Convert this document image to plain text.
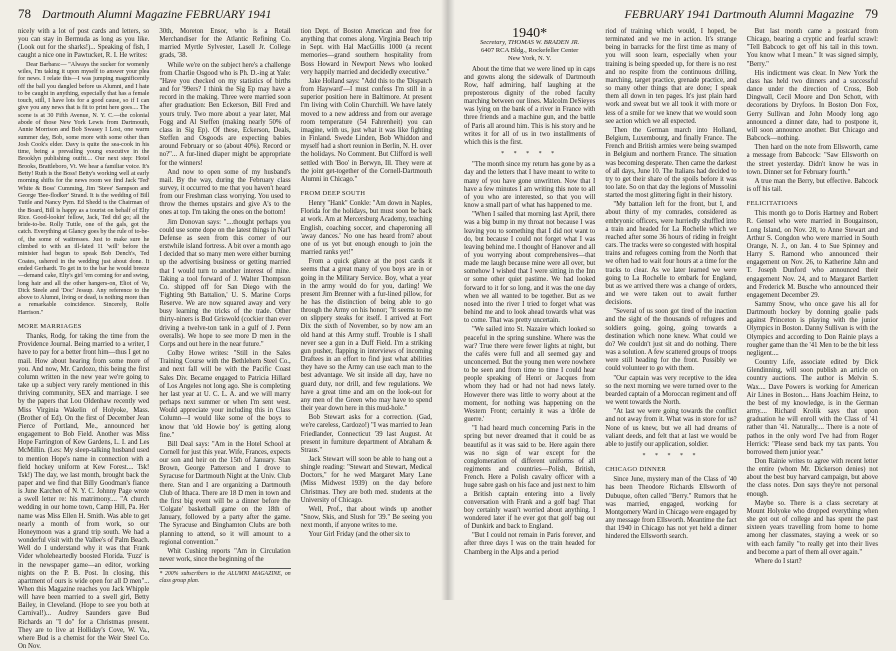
78 Dartmouth Alumni Magazine FEBRUARY 1941

nicely with a lot of post cards and letters, so you can stay in Bermuda as long as you like. (Look out for the sharks!)... Speaking of fish, I caught a nice one in Pawtucket, R. I. He writes:

Dear Barbara:— "Always the sucker for womenly wiles, I'm taking it upon myself to answer your plea for news. I relate this—I was jumping magnificently off the ball you dangled before us Alumni, and I hate to be caught in anything, especially that has a female touch, still, I have lots for a good cause, so if I can give you any news that is fit to print here goes.... The scene is at 30 Fifth Avenue, N. Y. C.—the colonial abode of those New York Lewis from Dartmouth, Annie Morrison and Bob Swasey I Lost, one warm summer day, Bob, some more with some other than Josh Cook's elder. Davy is quite the sea-cook in his time, being a prevailing young executive in the Brooklyn publishing outfit.... Our next step: Hotel Brooks, Brattleboro, Vt. We hear a familiar voice. It's Betty! Ruth is the Boss! Betty's working well at early morning shifts for the news room we find Jack 'Ted' White & Boss' Cumming, Jim 'Steve' Sampson and George 'Bee-flodker' Strand. It is the wedding of Bill Tuttle and Nancy Pym. Ed Shedd is the Chairman of the Board, Bill is happy as a tourist on behalf of Elty Rice. Good-lookin' fellow, Jack, Ted did go; all the bride-to-be. Rolly Tuttle, one of the gals, got the catch. Everything at Glancy goes by the rule of to-be-of, the some of waitresses. Just to make sure he climbed to with an ill-fated 11 'will' before the minister had begun to speak Bob Dench's, Ted Coates, ushered in the wedding just about done. It ended Gerhardt. To get in to the bar he would breeze—demand cake, Elty's girl 'em coming for and swing, long hair and all the other hangers-on, Eliot of Ve, Dick Steele and 'Doc' Jessup. Any reference to the above to Alumni, living or dead, is nothing more than a remarkable coincidence. Sincerely, Rolfe Harrison."

MORE MARRIAGES

Thanks, Rodg, for taking the time from the Providence Journal. Being married to a writer, I have to pay for a better front him—thus I get no mail. How about hearing from some more of you. And now, Mr. Cardozo, this being the first column written in the new year we're going to take up a subject very rarely mentioned in this thriving community, SEX and marriage. I see by the papers that Lou Oldenhaw recently wed Miss Virginia Wakelin of Holyoke, Mass. (Brother of Ed). On the first of December Jean Pierce of Portland, Me., announced her engagement to Bob Field. Another was Miss Hope Farrington of Kew Gardens, L. I. and Les McMillin. (Les: My sleep-talking husband used to mention Hope's name in connection with a field hockey uniform at Kew Forest.... Tsk! Tsk!) The day, we last month, brought back the paper and we find that Billy Goodman's fiance is June Karchen of N. Y. C. Johnny Page wrote a swell letter re: his matrimony.... "A church wedding in our home town, Camp Hill, Pa. Her name was Miss Ellen H. Smith. Was able to get nearly a month of from work, so our Honeymoon was a grand trip south. We had a wonderful visit with the Vallee's of Palm Beach. Well do I understand why it was that Frank Vider wholeheartedly boosted Florida. 'Fuzz' is in the newspaper game—an editor, working nights on the P. B. Post. In closing, this apartment of ours is wide open for all D men"... When this Magazine reaches you Jack Whipple will have been married to a swell girl, Betty Bailey, in Cleveland. (Hope to see you both at Carnival!)... Audrey Saunders gave Bud Richards an "I do" for a Christmas present. They are to live at Holliday's Cove, W. Va., where Bud is a chemist for the Weir Steel Co. On Nov.

30th, Moreton Ensor, who is a Retail Merchandiser for the Atlantic Refining Co. married Myrtle Sylvester, Lasell Jr. College grads, '38.

While we're on the subject here's a challenge from Charlie Osgood who is Ph. D.-ing at Yale: "Have you checked on my statistics of births and for '99ers? I think the Sig Ep may have a record in the making. Three were married soon after graduation: Ben Eckerson, Bill Fred and yours truly. Two more about a year later, Mal Fogg and Al Steffen (making nearly 50% of class in Sig Ep). Of these, Eckerson, Deals, Steffen and Osgoods are expecting babies around February or so (about 40%). Record or no?"... A fur-lined diaper might be appropriate for the winners!

And now to open some of my husband's mail. By the way, during the February class survey, it occurred to me that you haven't heard from our Freshman class worrying. You used to throw the themes upstairs and give A's to the ones at top. I'm taking the ones on the bottom!

Jim Donovan says: "....thought perhaps you could use some dope on the latest things in Nat'l Defense as seen from this corner of our erstwhile island fortress. A bit over a month ago I decided that so many men were either burning up the advertising business or getting married that I would turn to another interest of mine. Taking a tool forward of J. Walter Thompson Co. shipped off for San Diego with the 'Fighting 9th Battalion,' U. S. Marine Corps Reserve. We are now squared away and very busy learning the tricks of the trade. Other thirty-niners is Bud Griswold (cockier than ever driving a twelve-ton tank in a gulf of J. Penn overalls). We hope to see more D men in the Corps and out here in the near future."

Colby Howe writes: "Still in the Sales Training Course with the Bethlehem Steel Co., and next fall will be with the Pacific Coast Sales Div. Became engaged to Patricia Hillard of Los Angeles not long ago. She is completing her last year at U. C. L. A. and we will marry perhaps next summer or when I'm sent west. Would appreciate your including this in Class Column—I would like some of the boys to know that 'old Howie boy' is getting along fine."

Bill Deal says: "Am in the Hotel School at Cornell for just this year. Wife, Frances, expects our son and heir on the 15th of January. Stan Brown, George Patterson and I drove to Syracuse for Dartmouth Night at the Univ. Club there. Stan and I are organizing a Dartmouth Club of Ithaca. There are 18 D men in town and the first big event will be a dinner before the 'Colgate' basketball game on the 18th of January, followed by a party after the game. The Syracuse and Binghamton Clubs are both planning to attend, so it will amount to a regional convention."

Whit Cushing reports "Am in Circulation never work, since the beginning of the

* 200% subscribers to the ALUMNI MAGAZINE, on class group plan.

tion Dept. of Boston American and free for anything that comes along. Virginia Beach trip in Sept. with Hal MacGillis 1000 (a recent memories—grand southern hospitality from Boss Howard in Newport News who looked very happily married and decidedly executive."

Jake Holland says: "Add this to the 'Dispatch from Hayward'—I must confess I'm still in a superior position here in Baltimore. At present I'm living with Colin Churchill. We have lately moved to a new address and from our average room temperature (54 Fahrenheit) you can imagine, with us, just what it was like fighting in Finland. Swede Linden, Bob Whiddon and myself had a short reunion in Berlin, N. H. over the holidays. No Comment. But Clifford is well settled with 'Boo' in Berwyn, Ill. They were at the joint get-together of the Cornell-Dartmouth Alumni in Chicago."

FROM DEEP SOUTH

Henry "Hank" Conkle: "Am down in Naples, Florida for the holidays, but must soon be back at work. Am at Mercersburg Academy, teaching English, coaching soccer, and chaperoning all 'away dances.' No one has heard from? about one of us yet but enough enough to join the married ranks yet!"

From a quick glance at the post cards it seems that a great many of you boys are in or going in the Military Service. Boy, what a year in the army would do for you, darling! We present Jim Brenner with a fur-lined pillow, for he has the distinction of being able to go through the Army on his honor; "It seems to me on slippery steaks for itself. I arrived at Fort Dix the sixth of November, so by now am an old hand at this Army stuff. Trouble is I shall never see a gun in a Duff Field. I'm a striking gun pusher, flapping in interviews of incoming Draftees in an effort to find just what abilities they have so the Army can use each man to the best advantage. We sit inside all day, have no guard duty, nor drill, and few regulations. We have a great time and am on the look-out for any men of the Green who may have to spend their year down here in this mud-hole."

Bob Stewart asks for a correction. (Gad, we're careless, Cardozo!) "I was married to Jean Friedlander, Connecticut '39 last August. At present in furniture department of Abraham & Straus."

Jack Stewart will soon be able to hang out a shingle reading: "Stewart and Stewart, Medical Doctors," for he wed Margaret Mary Lane (Miss Midwest 1939) on the day before Christmas. They are both med. students at the University of Chicago.

Well, Prof., that about winds up another "Snow, Skis, and Slush for '39." Be seeing you next month, if anyone writes to me.

Your Girl Friday (and the other six to

FEBRUARY 1941 Dartmouth Alumni Magazine 79
1940*
Secretary, THOMAS W. BRADEN JR.
6407 RCA Bldg., Rockefeller Center
New York, N. Y.

About the time that we were lined up in caps and gowns along the sidewalk of Dartmouth Row, half admiring, half laughing at the preposterous dignity of the robed faculty marching between our lines. Malcolm DeSieyes was lying on the bank of a river in France with three friends and a machine gun, and the battle of Paris all around him. This is his story and he writes it for all of us in two installments of which this is the first.

* * * * *

"The month since my return has gone by as a day and the letters that I have meant to write to many of you have gone unwritten. Now that I have a few minutes I am writing this note to all of you who are interested, so that you will know a small part of what has happened to me.

"When I sailed that morning last April, there was a big bump in my throat not because I was leaving you to something that I did not want to do, but because I could not forget what I was leaving behind me. I thought of Hanover and all of you worrying about comprehensives—that made me laugh because mine were all over, but somehow I wished that I were sitting in the Inn or some other quiet pastime. We had looked forward to it for so long, and it was the one day when we all wanted to be together. But as we nosed into the river I tried to forget what was behind me and to look ahead towards what was to come. That was pretty uncertain.

"We sailed into St. Nazaire which looked so peaceful in the spring sunshine. Where was the war? True there were fewer lights at night, but the cafés were full and all seemed gay and unconcerned. But the young men were nowhere to be seen and from time to time I could hear people speaking of Henri or Jacques from whom they had or had not had news lately. However there was little to worry about at the moment, for nothing was happening on the Western Front; certainly it was a 'drôle de guerre.'

"I had heard much concerning Paris in the spring but never dreamed that it could be as beautiful as it was said to be. Here again there was no sign of war except for the conglomeration of different uniforms of all regiments and countries—Polish, British, French. Here a Polish cavalry officer with a huge sabre gash on his face and just next to him a British captain entering into a lively conversation with Frank and a golf bag! That boy certainly wasn't worried about anything. I wondered later if he ever got that golf bag out of Dunkirk and back to England.

"But I could not remain in Paris forever, and after three days I was on the train headed for Chamberg in the Alps and a period

riod of training which would, I hoped, be terminated and we me in action. It's strange being in barracks for the first time as many of you will soon learn, especially when your training is being speeded up, for there is no rest and no respite from the continuous drilling, marching, target practice, grenade practice, and so many other things that are done; I speak them all down in ten pages. It's just plain hard work and sweat but we all took it with more or less of a smile for we knew that we would soon see action which we all expected.

Then the German march into Holland, Belgium, Luxembourg, and finally France. The French and British armies were being swamped in Belgium and northern France. The situation was becoming desperate. Then came the darkest of all days, June 10. The Italians had decided to try to get their share of the spoils before it was too late. So on that day the legions of Mussolini started the most glittering fight in their history.

"My battalion left for the front, but I, and about thirty of my comrades, considered as embryonic officers, were hurriedly shuffled into a train and headed for La Rochelle which we reached after some 36 hours of riding in freight cars. The tracks were so congested with hospital trains and refugees coming from the North that we often had to wait four hours at a time for the tracks to clear. As we later learned we were going to La Rochelle to embark for England, but as we arrived there was a change of orders, and we were taken out to await further decisions.

"Several of us soon got tired of the inaction and the sight of the thousands of refugees and soldiers going, going, going towards a destination which none knew. What could we do? We couldn't just sit and do nothing. There was a solution. A few scattered groups of troops were still heading for the front. Possibly we could volunteer to go with them.

"Our captain was very receptive to the idea so the next morning we were turned over to the bearded captain of a Moroccan regiment and off we went towards the North.

"At last we were going towards the conflict and not away from it. What was in store for us? None of us knew, but we all had dreams of valiant deeds, and felt that at last we would be able to justify our application, soldier.

* * * * *
CHICAGO DINNER

Since June, mystery man of the Class of '40 has been Theodore Richards Ellsworth of Dubuque, often called "Berry." Rumors that he was married, engaged, working for Montgomery Ward in Chicago were engaged by any message from Ellsworth. Meantime the fact that 1940 in Chicago has not yet held a dinner hindered the Ellsworth search.

But last month came a postcard from Chicago, bearing a cryptic and fearful scrawl: "Tell Babcock to get off his tail in this town. You know what I mean." It was signed simply, "Berry."

His indictment was clear. In New York the class has held two dinners and a successful dance under the direction of Cross, Bob Dingwall, Cecil Moore and Don Schott, with decorations by Dryfoos. In Boston Don Fox, Gerry Sullivan and John Moody long ago announced a dinner date, had to postpone it, will soon announce another. But Chicago and Babcock—nothing.

Then hard on the note from Ellsworth, came a message from Babcock: "Saw Ellsworth on the street yesterday. Didn't know he was in town. Dinner set for February fourth."

A true man the Berry, but effective. Babcock is off his tail.

FELICITATIONS

This month go to Doris Hartney and Robert R. Gensel who were married in Bougainson, Long Island, on Nov. 28, to Anne Stewart and Arthur S. Congdon who were married in South Orange, N. J., on Jan. 4 to Sue Spinney and Harry S. Ramond who announced their engagement on Nov. 26, to Katherine Jahn and T. Joseph Dunford who announced their engagement Nov. 24, and to Margaret Bartlett and Frederick M. Busche who announced their engagement December 29.

Sammy Snow, who once gave his all for Dartmouth hockey by donning goalie pads against Princeton is playing with the junior Olympics in Boston. Danny Sullivan is with the Olympics and according to Don Rainie plays a rougher game than the '41 Men to be the bit less negligent....

Country Life, associate edited by Dick Glendinning, will soon publish an article on country auctions. The author is Melvin S. Wax.... Dave Powers is working for American Air Lines in Boston.... Hans Joachim Heinz, to the best of my knowledge, is in the German army.... Richard Krolik says that upon graduation he will enroll with the Class of '41 rather than '41. Naturally.... There is a note of pathos in the only word I've had from Roger Herrick: "Please send back my tax pants. You borrowed them junior year."

Don Rainie writes to agree with recent letter the entire (whom Mr. Dickerson denies) not about the best buy harvard campaign, but above the class notes. Don says they're not personal enough.

Maybe so. There is a class secretary at Mount Holyoke who dropped everything when she got out of college and has spent the past sixteen years travelling from home to home among her classmates, staying a week or so with each family "to really get into their lives and become a part of them all over again."

Where do I start?
